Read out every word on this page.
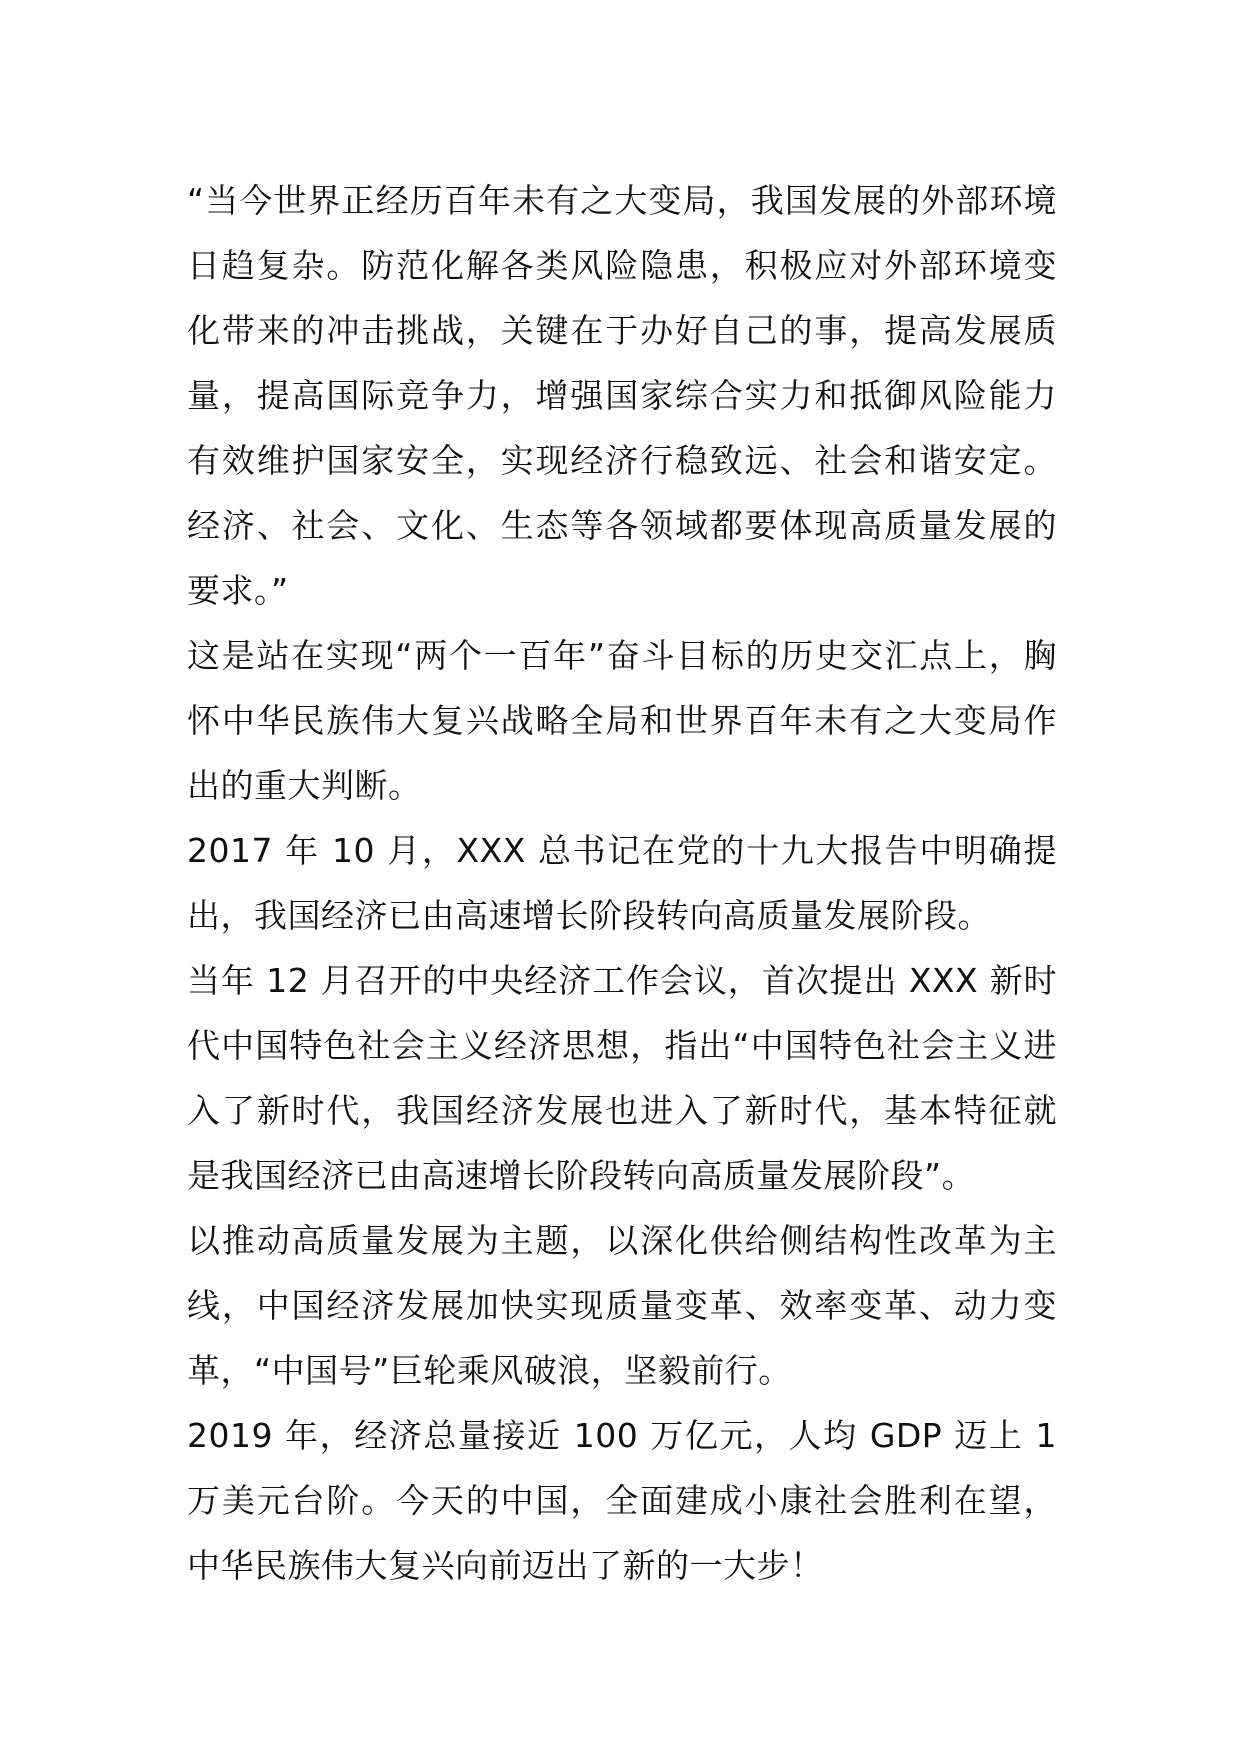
“当今世界正经历百年未有之大变局，我国发展的外部环境日趋复杂。防范化解各类风险隐患，积极应对外部环境变化带来的冲击挑战，关键在于办好自己的事，提高发展质量，提高国际竞争力，增强国家综合实力和抵御风险能力有效维护国家安全，实现经济行稳致远、社会和谐安定。经济、社会、文化、生态等各领域都要体现高质量发展的要求。”

这是站在实现“两个一百年”奋斗目标的历史交汇点上，胸怀中华民族伟大复兴战略全局和世界百年未有之大变局作出的重大判断。

2017 年 10 月，XXX 总书记在党的十九大报告中明确提出，我国经济已由高速增长阶段转向高质量发展阶段。

当年 12 月召开的中央经济工作会议，首次提出 XXX 新时代中国特色社会主义经济思想，指出“中国特色社会主义进入了新时代，我国经济发展也进入了新时代，基本特征就是我国经济已由高速增长阶段转向高质量发展阶段”。

以推动高质量发展为主题，以深化供给侧结构性改革为主线，中国经济发展加快实现质量变革、效率变革、动力变革，“中国号”巨轮乘风破浪，坚毅前行。

2019 年，经济总量接近 100 万亿元，人均 GDP 迈上 1 万美元台阶。今天的中国，全面建成小康社会胜利在望，中华民族伟大复兴向前迈出了新的一大步！
